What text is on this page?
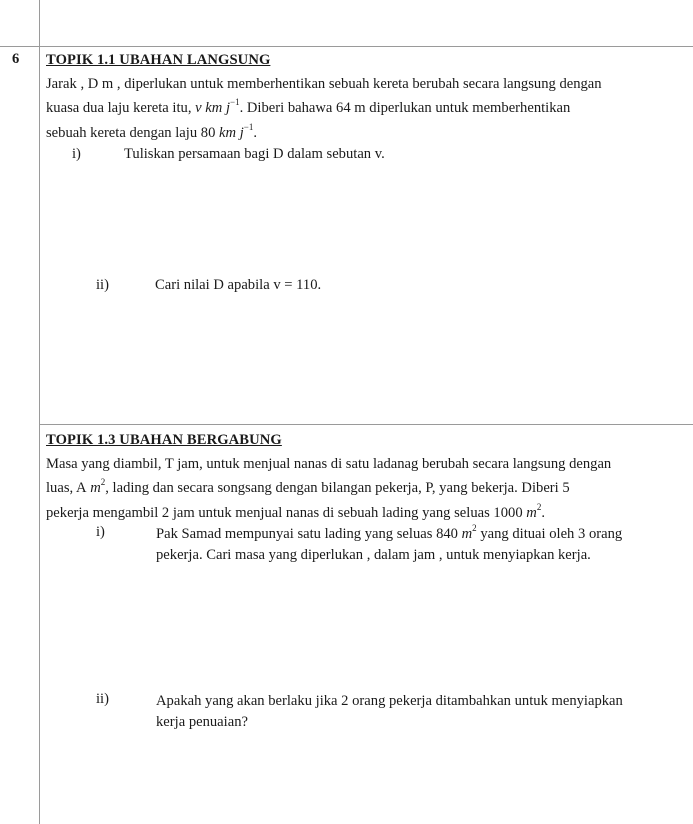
6 TOPIK 1.1 UBAHAN LANGSUNG
Jarak , D m , diperlukan untuk memberhentikan sebuah kereta berubah secara langsung dengan
kuasa dua laju kereta itu, v km $j^{-1}$. Diberi bahawa 64 m diperlukan untuk memberhentikan
sebuah kereta dengan laju 80 km $j^{-1}$.
i)	Tuliskan persamaan bagi D dalam sebutan v.
ii)	Cari nilai D apabila v = 110.
TOPIK 1.3 UBAHAN BERGABUNG
Masa yang diambil, T jam, untuk menjual nanas di satu ladanag berubah secara langsung dengan
luas, A $m^2$, lading dan secara songsang dengan bilangan pekerja, P, yang bekerja. Diberi 5
pekerja mengambil 2 jam untuk menjual nanas di sebuah lading yang seluas 1000 $m^2$.
i)	Pak Samad mempunyai satu lading yang seluas 840 $m^2$ yang dituai oleh 3 orang
pekerja. Cari masa yang diperlukan , dalam jam , untuk menyiapkan kerja.
ii)	Apakah yang akan berlaku jika 2 orang pekerja ditambahkan untuk menyiapkan
kerja penuaian?
